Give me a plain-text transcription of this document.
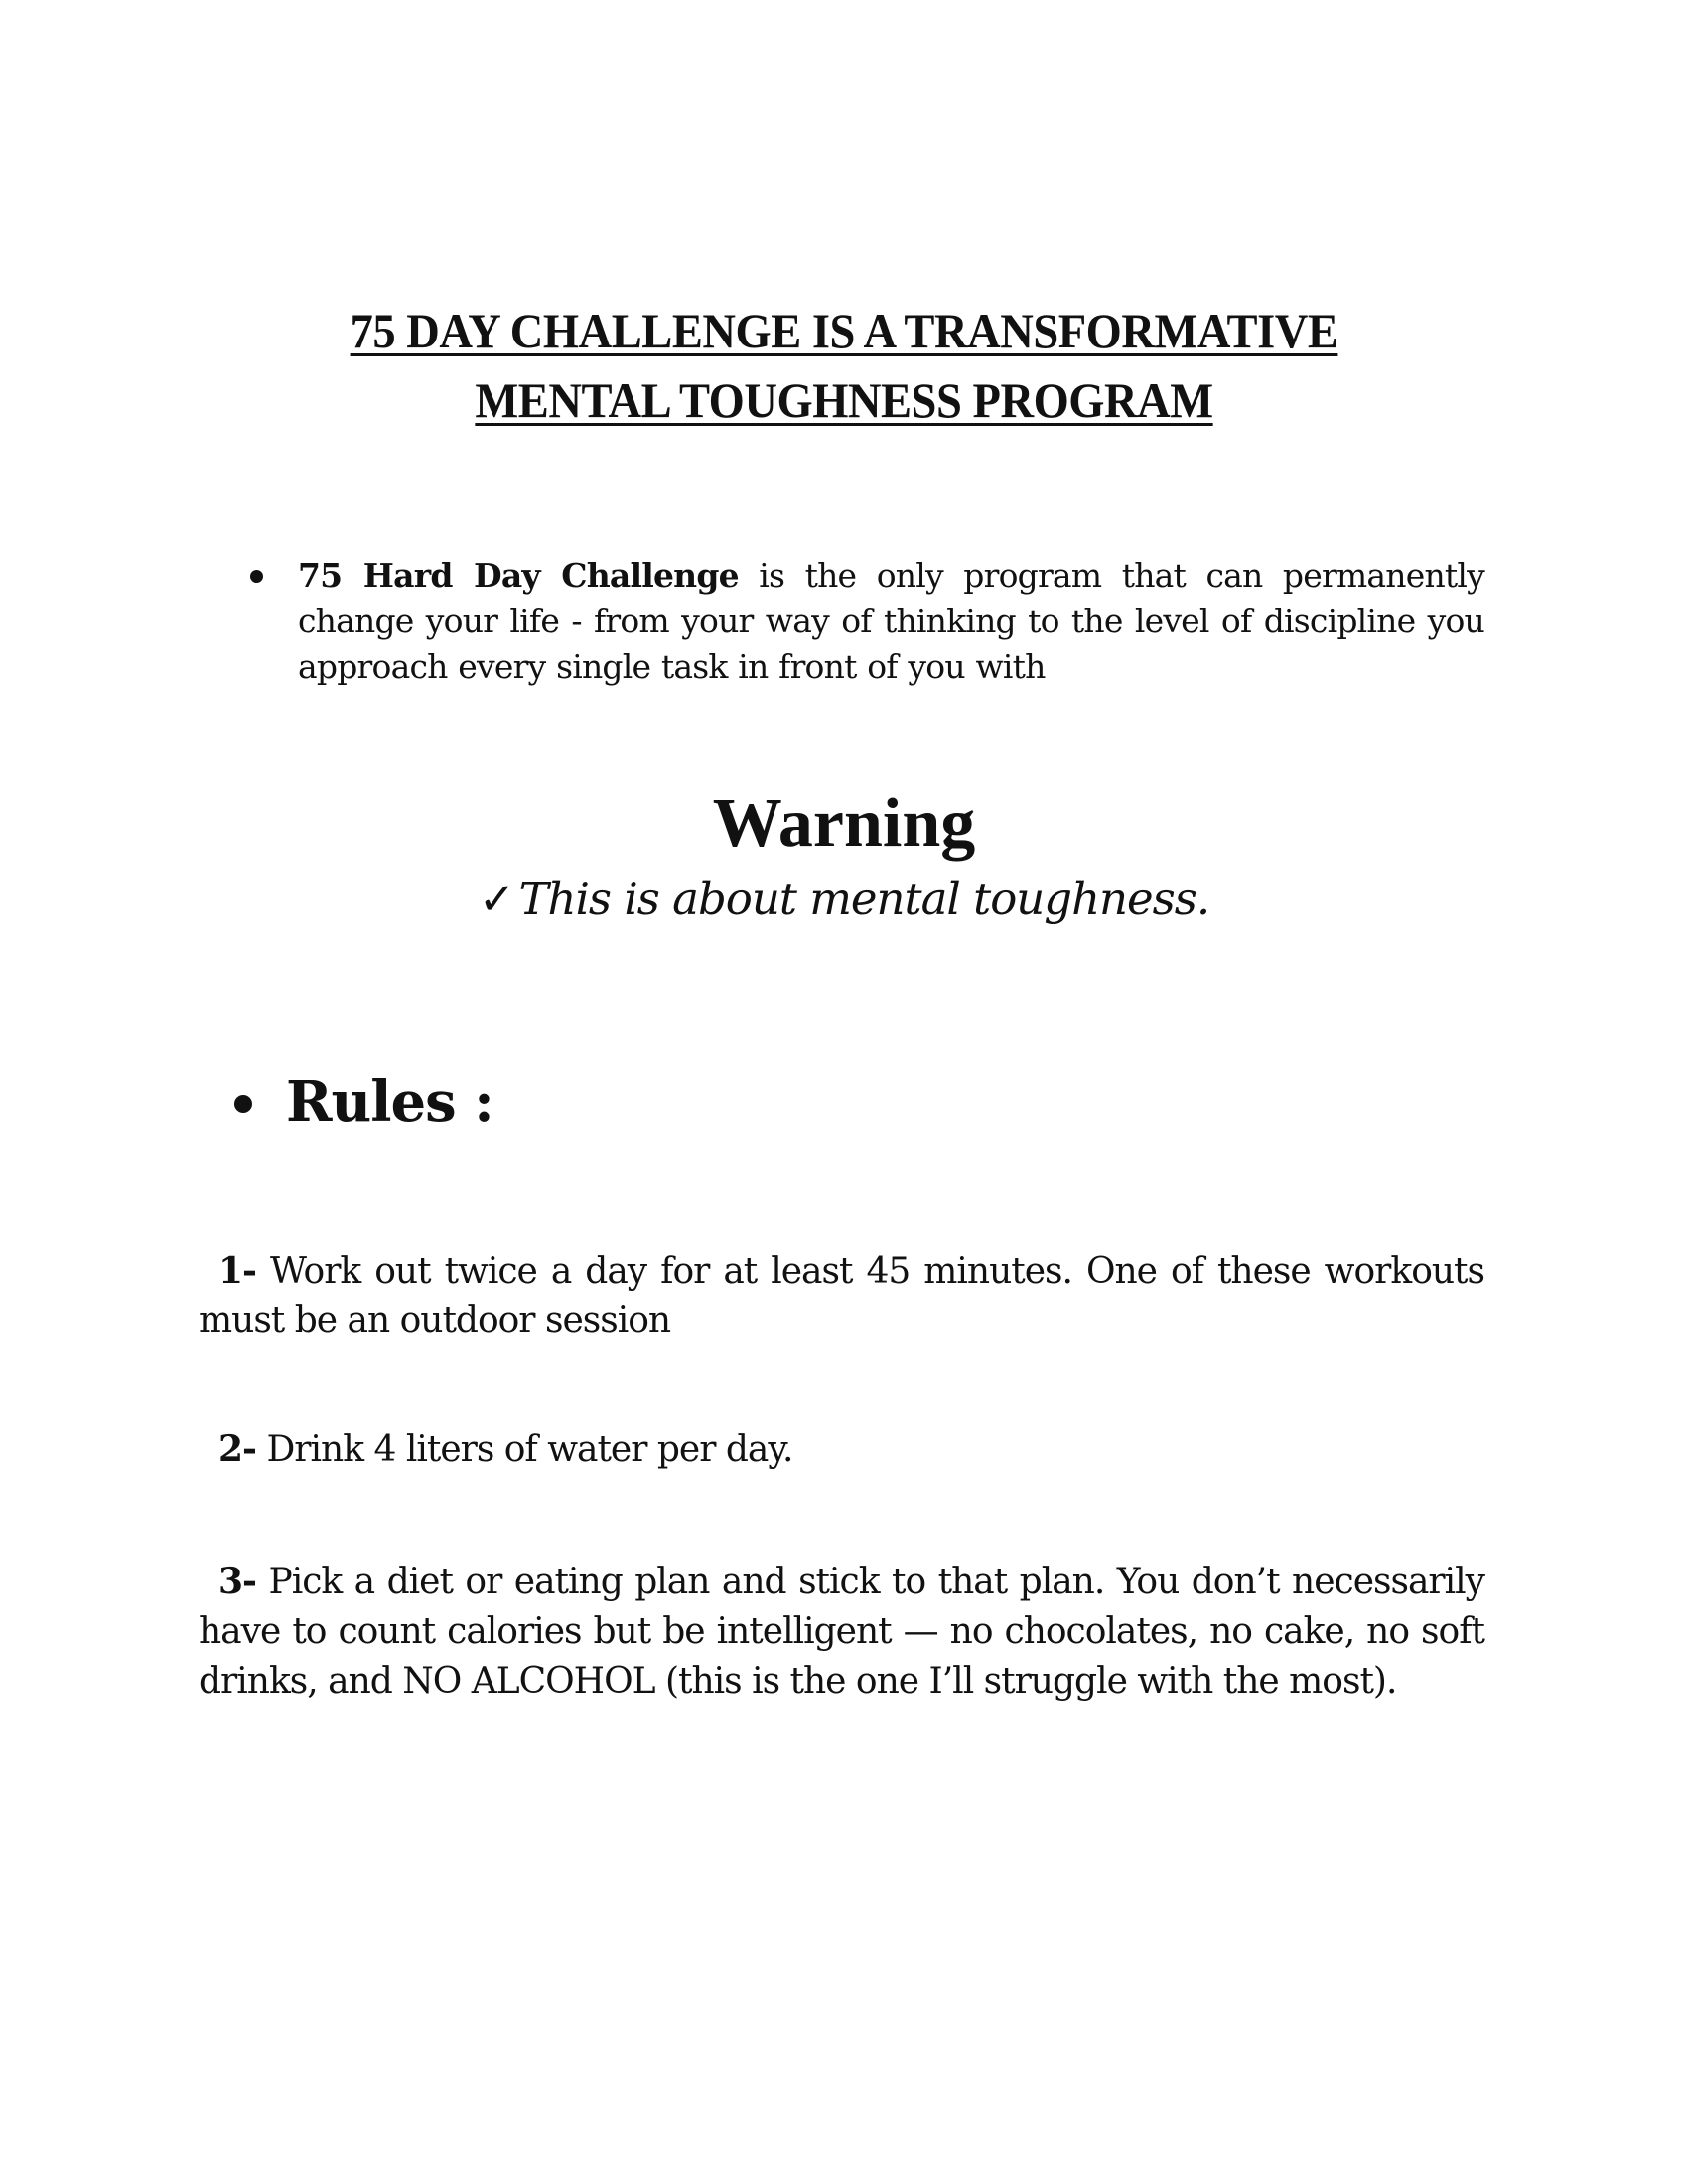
75 DAY CHALLENGE IS A TRANSFORMATIVE
MENTAL TOUGHNESS PROGRAM
75 Hard Day Challenge is the only program that can permanently change your life - from your way of thinking to the level of discipline you approach every single task in front of you with
Warning
✓This is about mental toughness.
Rules :

1- Work out twice a day for at least 45 minutes. One of these workouts must be an outdoor session

2- Drink 4 liters of water per day.

3- Pick a diet or eating plan and stick to that plan. You don’t necessarily have to count calories but be intelligent — no chocolates, no cake, no soft drinks, and NO ALCOHOL (this is the one I’ll struggle with the most).
